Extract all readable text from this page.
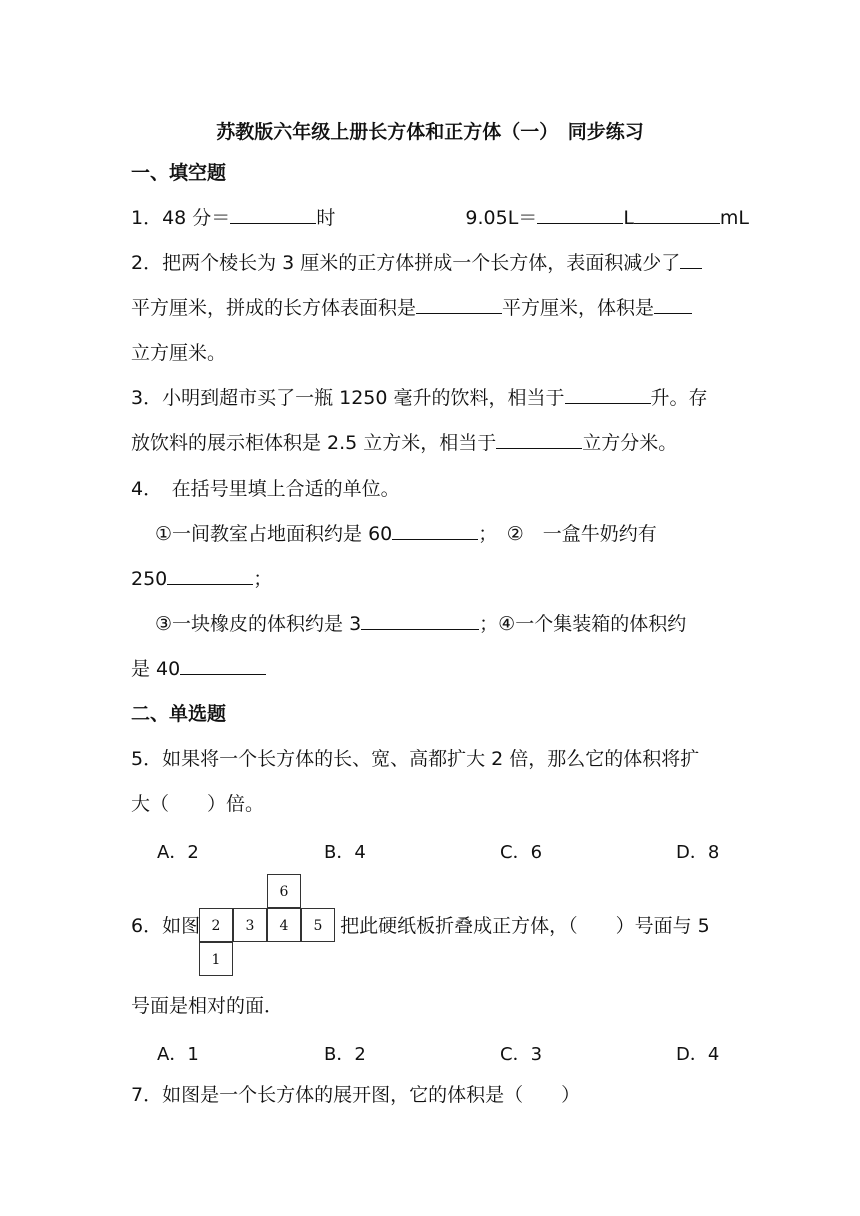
苏教版六年级上册长方体和正方体（一）　同步练习
一、填空题
1．48 分＝	时	9.05L＝	L	mL
2．把两个棱长为 3 厘米的正方体拼成一个长方体，表面积减少了
平方厘米，拼成的长方体表面积是	平方厘米，体积是
立方厘米。
3．小明到超市买了一瓶 1250 毫升的饮料，相当于	升。存
放饮料的展示柜体积是 2.5 立方米，相当于	立方分米。
4．　在括号里填上合适的单位。
①一间教室占地面积约是 60	；　②　一盒牛奶约有
250	；
③一块橡皮的体积约是 3	；④一个集装箱的体积约
是 40
二、单选题
5．如果将一个长方体的长、宽、高都扩大 2 倍，那么它的体积将扩
大（　　）倍。
A．2	B．4	C．6	D．8
6．如图	把此硬纸板折叠成正方体，（　　）号面与 5
2	3	4	5
6
1
号面是相对的面．
A．1	B．2	C．3	D．4
7．如图是一个长方体的展开图，它的体积是（　　）
